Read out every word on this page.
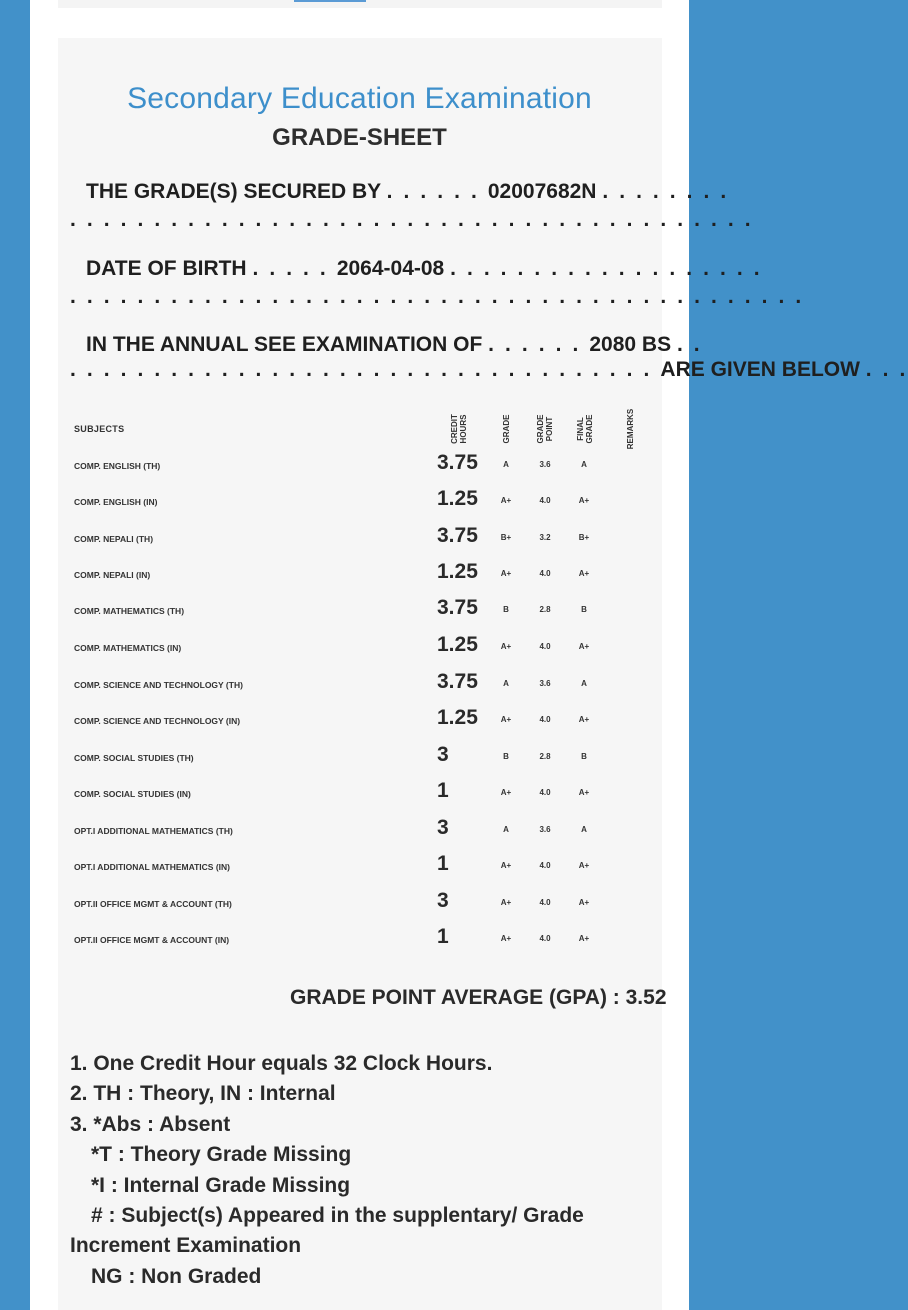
Secondary Education Examination
GRADE-SHEET
THE GRADE(S) SECURED BY . . . . . . 02007682N . . . . . . . .
. . . . . . . . . . . . . . . . . . . . . . . . . . . . . . . . . . . . . . . . .
DATE OF BIRTH . . . . . 2064-04-08 . . . . . . . . . . . . . . . . . . .
. . . . . . . . . . . . . . . . . . . . . . . . . . . . . . . . . . . . . . . . . . . .
IN THE ANNUAL SEE EXAMINATION OF . . . . . . 2080 BS . .
. . . . . . . . . . . . . . . . . . . . . . . . . . . . . . . . . . . ARE GIVEN BELOW . . .
SUBJECTS	CREDIT HOURS	GRADE	GRADE POINT	FINAL GRADE	REMARKS
COMP. ENGLISH (TH)	3.75	A	3.6	A
COMP. ENGLISH (IN)	1.25	A+	4.0	A+
COMP. NEPALI (TH)	3.75	B+	3.2	B+
COMP. NEPALI (IN)	1.25	A+	4.0	A+
COMP. MATHEMATICS (TH)	3.75	B	2.8	B
COMP. MATHEMATICS (IN)	1.25	A+	4.0	A+
COMP. SCIENCE AND TECHNOLOGY (TH)	3.75	A	3.6	A
COMP. SCIENCE AND TECHNOLOGY (IN)	1.25	A+	4.0	A+
COMP. SOCIAL STUDIES (TH)	3	B	2.8	B
COMP. SOCIAL STUDIES (IN)	1	A+	4.0	A+
OPT.I ADDITIONAL MATHEMATICS (TH)	3	A	3.6	A
OPT.I ADDITIONAL MATHEMATICS (IN)	1	A+	4.0	A+
OPT.II OFFICE MGMT & ACCOUNT (TH)	3	A+	4.0	A+
OPT.II OFFICE MGMT & ACCOUNT (IN)	1	A+	4.0	A+
GRADE POINT AVERAGE (GPA) : 3.52
1. One Credit Hour equals 32 Clock Hours.
2. TH : Theory, IN : Internal
3. *Abs : Absent
*T : Theory Grade Missing
*I : Internal Grade Missing
# : Subject(s) Appeared in the supplentary/ Grade
Increment Examination
NG : Non Graded
